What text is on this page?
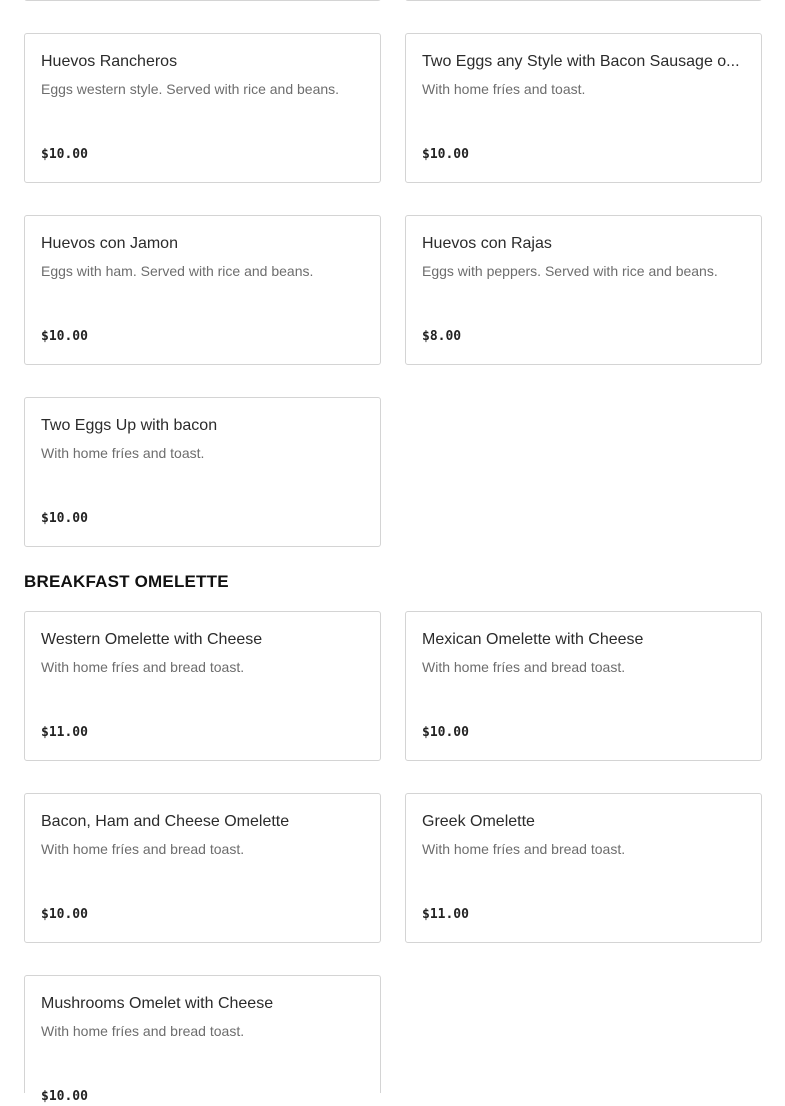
Huevos Rancheros
Eggs western style. Served with rice and beans.
$10.00
Two Eggs any Style with Bacon Sausage o...
With home fríes and toast.
$10.00
Huevos con Jamon
Eggs with ham. Served with rice and beans.
$10.00
Huevos con Rajas
Eggs with peppers. Served with rice and beans.
$8.00
Two Eggs Up with bacon
With home fríes and toast.
$10.00
BREAKFAST OMELETTE
Western Omelette with Cheese
With home fríes and bread toast.
$11.00
Mexican Omelette with Cheese
With home fríes and bread toast.
$10.00
Bacon, Ham and Cheese Omelette
With home fríes and bread toast.
$10.00
Greek Omelette
With home fríes and bread toast.
$11.00
Mushrooms Omelet with Cheese
With home fríes and bread toast.
$10.00
